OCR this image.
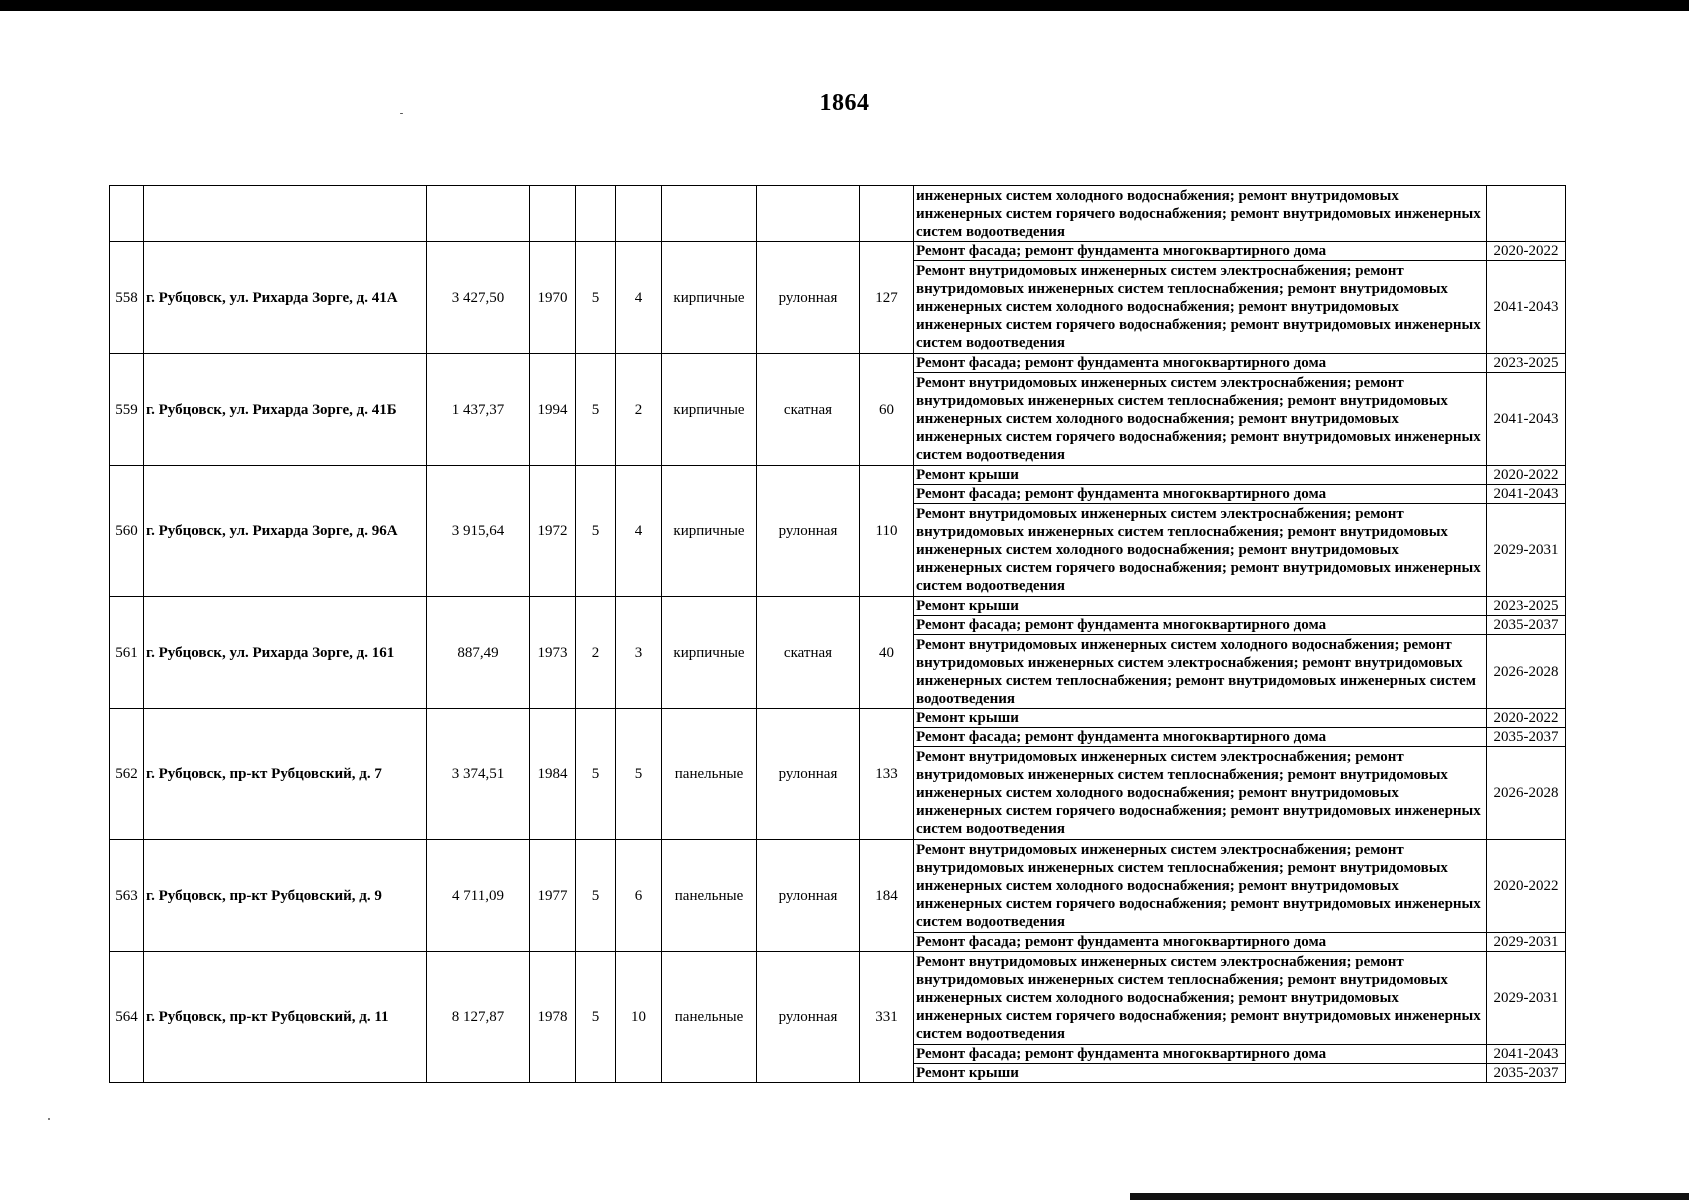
1864
									инженерных систем холодного водоснабжения; ремонт внутридомовых инженерных систем горячего водоснабжения; ремонт внутридомовых инженерных систем водоотведения	
558	г. Рубцовск, ул. Рихарда Зорге, д. 41А	3 427,50	1970	5	4	кирпичные	рулонная	127	Ремонт фасада; ремонт фундамента многоквартирного дома	2020-2022
									Ремонт внутридомовых инженерных систем электроснабжения; ремонт внутридомовых инженерных систем теплоснабжения; ремонт внутридомовых инженерных систем холодного водоснабжения; ремонт внутридомовых инженерных систем горячего водоснабжения; ремонт внутридомовых инженерных систем водоотведения	2041-2043
559	г. Рубцовск, ул. Рихарда Зорге, д. 41Б	1 437,37	1994	5	2	кирпичные	скатная	60	Ремонт фасада; ремонт фундамента многоквартирного дома	2023-2025
									Ремонт внутридомовых инженерных систем электроснабжения; ремонт внутридомовых инженерных систем теплоснабжения; ремонт внутридомовых инженерных систем холодного водоснабжения; ремонт внутридомовых инженерных систем горячего водоснабжения; ремонт внутридомовых инженерных систем водоотведения	2041-2043
560	г. Рубцовск, ул. Рихарда Зорге, д. 96А	3 915,64	1972	5	4	кирпичные	рулонная	110	Ремонт крыши	2020-2022
									Ремонт фасада; ремонт фундамента многоквартирного дома	2041-2043
									Ремонт внутридомовых инженерных систем электроснабжения; ремонт внутридомовых инженерных систем теплоснабжения; ремонт внутридомовых инженерных систем холодного водоснабжения; ремонт внутридомовых инженерных систем горячего водоснабжения; ремонт внутридомовых инженерных систем водоотведения	2029-2031
561	г. Рубцовск, ул. Рихарда Зорге, д. 161	887,49	1973	2	3	кирпичные	скатная	40	Ремонт крыши	2023-2025
									Ремонт фасада; ремонт фундамента многоквартирного дома	2035-2037
									Ремонт внутридомовых инженерных систем холодного водоснабжения; ремонт внутридомовых инженерных систем электроснабжения; ремонт внутридомовых инженерных систем теплоснабжения; ремонт внутридомовых инженерных систем водоотведения	2026-2028
562	г. Рубцовск, пр-кт Рубцовский, д. 7	3 374,51	1984	5	5	панельные	рулонная	133	Ремонт крыши	2020-2022
									Ремонт фасада; ремонт фундамента многоквартирного дома	2035-2037
									Ремонт внутридомовых инженерных систем электроснабжения; ремонт внутридомовых инженерных систем теплоснабжения; ремонт внутридомовых инженерных систем холодного водоснабжения; ремонт внутридомовых инженерных систем горячего водоснабжения; ремонт внутридомовых инженерных систем водоотведения	2026-2028
563	г. Рубцовск, пр-кт Рубцовский, д. 9	4 711,09	1977	5	6	панельные	рулонная	184	Ремонт внутридомовых инженерных систем электроснабжения; ремонт внутридомовых инженерных систем теплоснабжения; ремонт внутридомовых инженерных систем холодного водоснабжения; ремонт внутридомовых инженерных систем горячего водоснабжения; ремонт внутридомовых инженерных систем водоотведения	2020-2022
									Ремонт фасада; ремонт фундамента многоквартирного дома	2029-2031
564	г. Рубцовск, пр-кт Рубцовский, д. 11	8 127,87	1978	5	10	панельные	рулонная	331	Ремонт внутридомовых инженерных систем электроснабжения; ремонт внутридомовых инженерных систем теплоснабжения; ремонт внутридомовых инженерных систем холодного водоснабжения; ремонт внутридомовых инженерных систем горячего водоснабжения; ремонт внутридомовых инженерных систем водоотведения	2029-2031
									Ремонт фасада; ремонт фундамента многоквартирного дома	2041-2043
									Ремонт крыши	2035-2037
